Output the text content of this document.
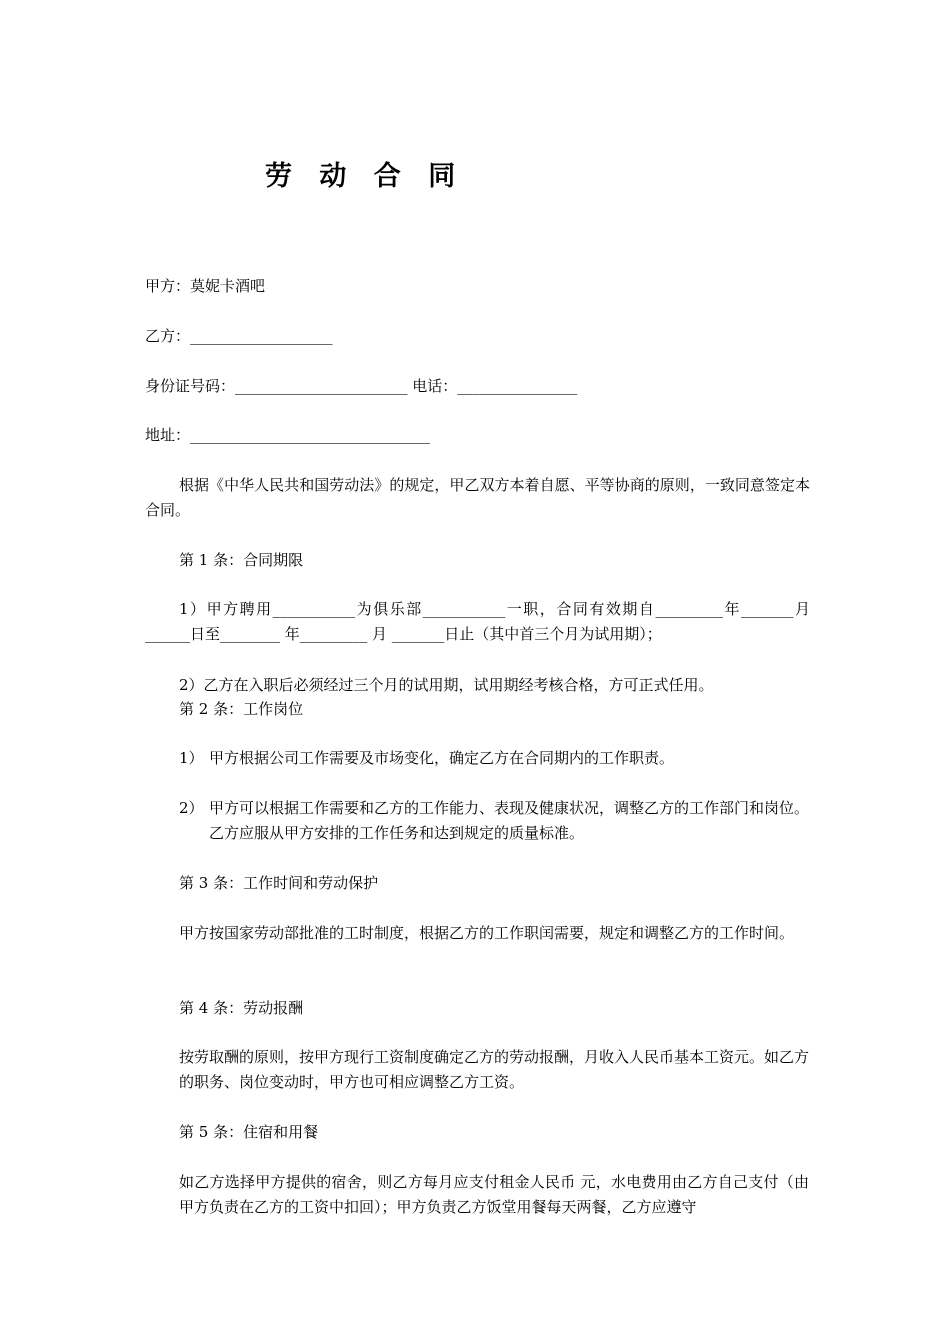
劳 动 合 同
甲方：莫妮卡酒吧
乙方：___________________
身份证号码：_______________________ 电话：________________
地址：________________________________
根据《中华人民共和国劳动法》的规定，甲乙双方本着自愿、平等协商的原则，一致同意签定本合同。
第 1 条：合同期限
1）甲方聘用___________为俱乐部___________一职，合同有效期自_________年_______月______日至________ 年_________ 月 _______日止（其中首三个月为试用期）；
2）乙方在入职后必须经过三个月的试用期，试用期经考核合格，方可正式任用。
第 2 条：工作岗位
1） 甲方根据公司工作需要及市场变化，确定乙方在合同期内的工作职责。
2） 甲方可以根据工作需要和乙方的工作能力、表现及健康状况，调整乙方的工作部门和岗位。乙方应服从甲方安排的工作任务和达到规定的质量标准。
第 3 条：工作时间和劳动保护
甲方按国家劳动部批准的工时制度，根据乙方的工作职闰需要，规定和调整乙方的工作时间。
第 4 条：劳动报酬
按劳取酬的原则，按甲方现行工资制度确定乙方的劳动报酬，月收入人民币基本工资元。如乙方的职务、岗位变动时，甲方也可相应调整乙方工资。
第 5 条：住宿和用餐
如乙方选择甲方提供的宿舍，则乙方每月应支付租金人民币 元，水电费用由乙方自己支付（由甲方负责在乙方的工资中扣回）；甲方负责乙方饭堂用餐每天两餐，乙方应遵守
